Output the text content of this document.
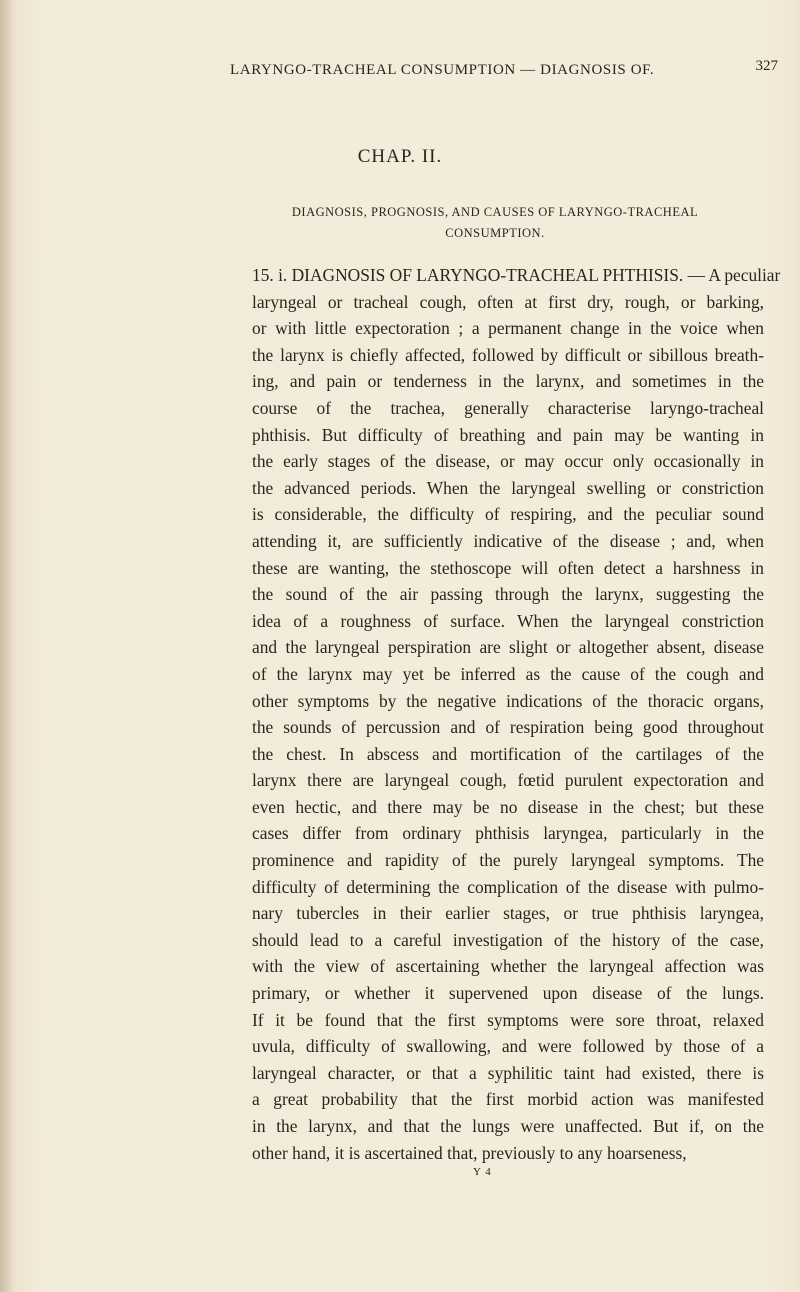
LARYNGO-TRACHEAL CONSUMPTION — DIAGNOSIS OF.	327
CHAP. II.
DIAGNOSIS, PROGNOSIS, AND CAUSES OF LARYNGO-TRACHEAL
CONSUMPTION.
15. i. DIAGNOSIS OF LARYNGO-TRACHEAL PHTHISIS. — A peculiar
laryngeal or tracheal cough, often at first dry, rough, or barking,
or with little expectoration ; a permanent change in the voice when
the larynx is chiefly affected, followed by difficult or sibillous breath-
ing, and pain or tenderness in the larynx, and sometimes in the
course of the trachea, generally characterise laryngo-tracheal
phthisis. But difficulty of breathing and pain may be wanting in
the early stages of the disease, or may occur only occasionally in
the advanced periods. When the laryngeal swelling or constriction
is considerable, the difficulty of respiring, and the peculiar sound
attending it, are sufficiently indicative of the disease ; and, when
these are wanting, the stethoscope will often detect a harshness in
the sound of the air passing through the larynx, suggesting the
idea of a roughness of surface. When the laryngeal constriction
and the laryngeal perspiration are slight or altogether absent, disease
of the larynx may yet be inferred as the cause of the cough and
other symptoms by the negative indications of the thoracic organs,
the sounds of percussion and of respiration being good throughout
the chest. In abscess and mortification of the cartilages of the
larynx there are laryngeal cough, fœtid purulent expectoration and
even hectic, and there may be no disease in the chest; but these
cases differ from ordinary phthisis laryngea, particularly in the
prominence and rapidity of the purely laryngeal symptoms. The
difficulty of determining the complication of the disease with pulmo-
nary tubercles in their earlier stages, or true phthisis laryngea,
should lead to a careful investigation of the history of the case,
with the view of ascertaining whether the laryngeal affection was
primary, or whether it supervened upon disease of the lungs.
If it be found that the first symptoms were sore throat, relaxed
uvula, difficulty of swallowing, and were followed by those of a
laryngeal character, or that a syphilitic taint had existed, there is
a great probability that the first morbid action was manifested
in the larynx, and that the lungs were unaffected. But if, on the
other hand, it is ascertained that, previously to any hoarseness,
Y 4
